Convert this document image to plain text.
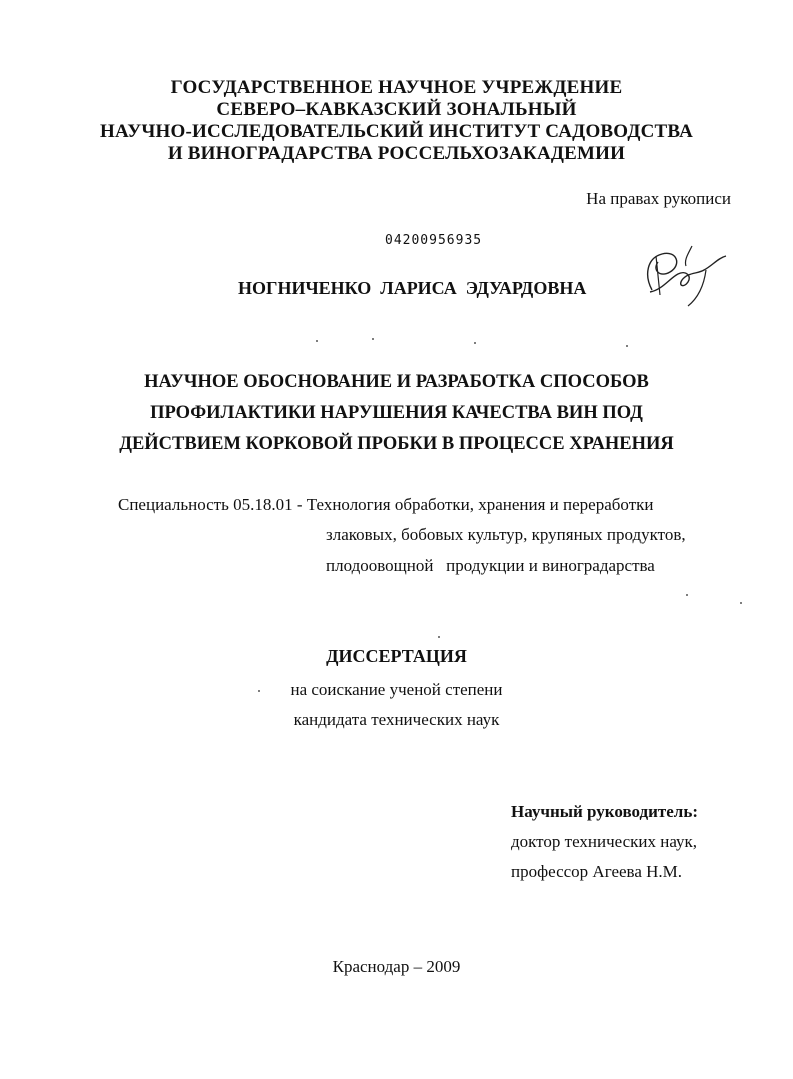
ГОСУДАРСТВЕННОЕ НАУЧНОЕ УЧРЕЖДЕНИЕ
СЕВЕРО–КАВКАЗСКИЙ ЗОНАЛЬНЫЙ
НАУЧНО-ИССЛЕДОВАТЕЛЬСКИЙ ИНСТИТУТ САДОВОДСТВА
И ВИНОГРАДАРСТВА РОССЕЛЬХОЗАКАДЕМИИ
На правах рукописи
04200956935
НОГНИЧЕНКО  ЛАРИСА  ЭДУАРДОВНА
НАУЧНОЕ ОБОСНОВАНИЕ И РАЗРАБОТКА СПОСОБОВ
ПРОФИЛАКТИКИ НАРУШЕНИЯ КАЧЕСТВА ВИН ПОД
ДЕЙСТВИЕМ КОРКОВОЙ ПРОБКИ В ПРОЦЕССЕ ХРАНЕНИЯ
Специальность 05.18.01 - Технология обработки, хранения и переработки
злаковых, бобовых культур, крупяных продуктов,
плодоовощной   продукции и виноградарства
ДИССЕРТАЦИЯ
на соискание ученой степени
кандидата технических наук
Научный руководитель:
доктор технических наук,
профессор Агеева Н.М.
Краснодар – 2009
